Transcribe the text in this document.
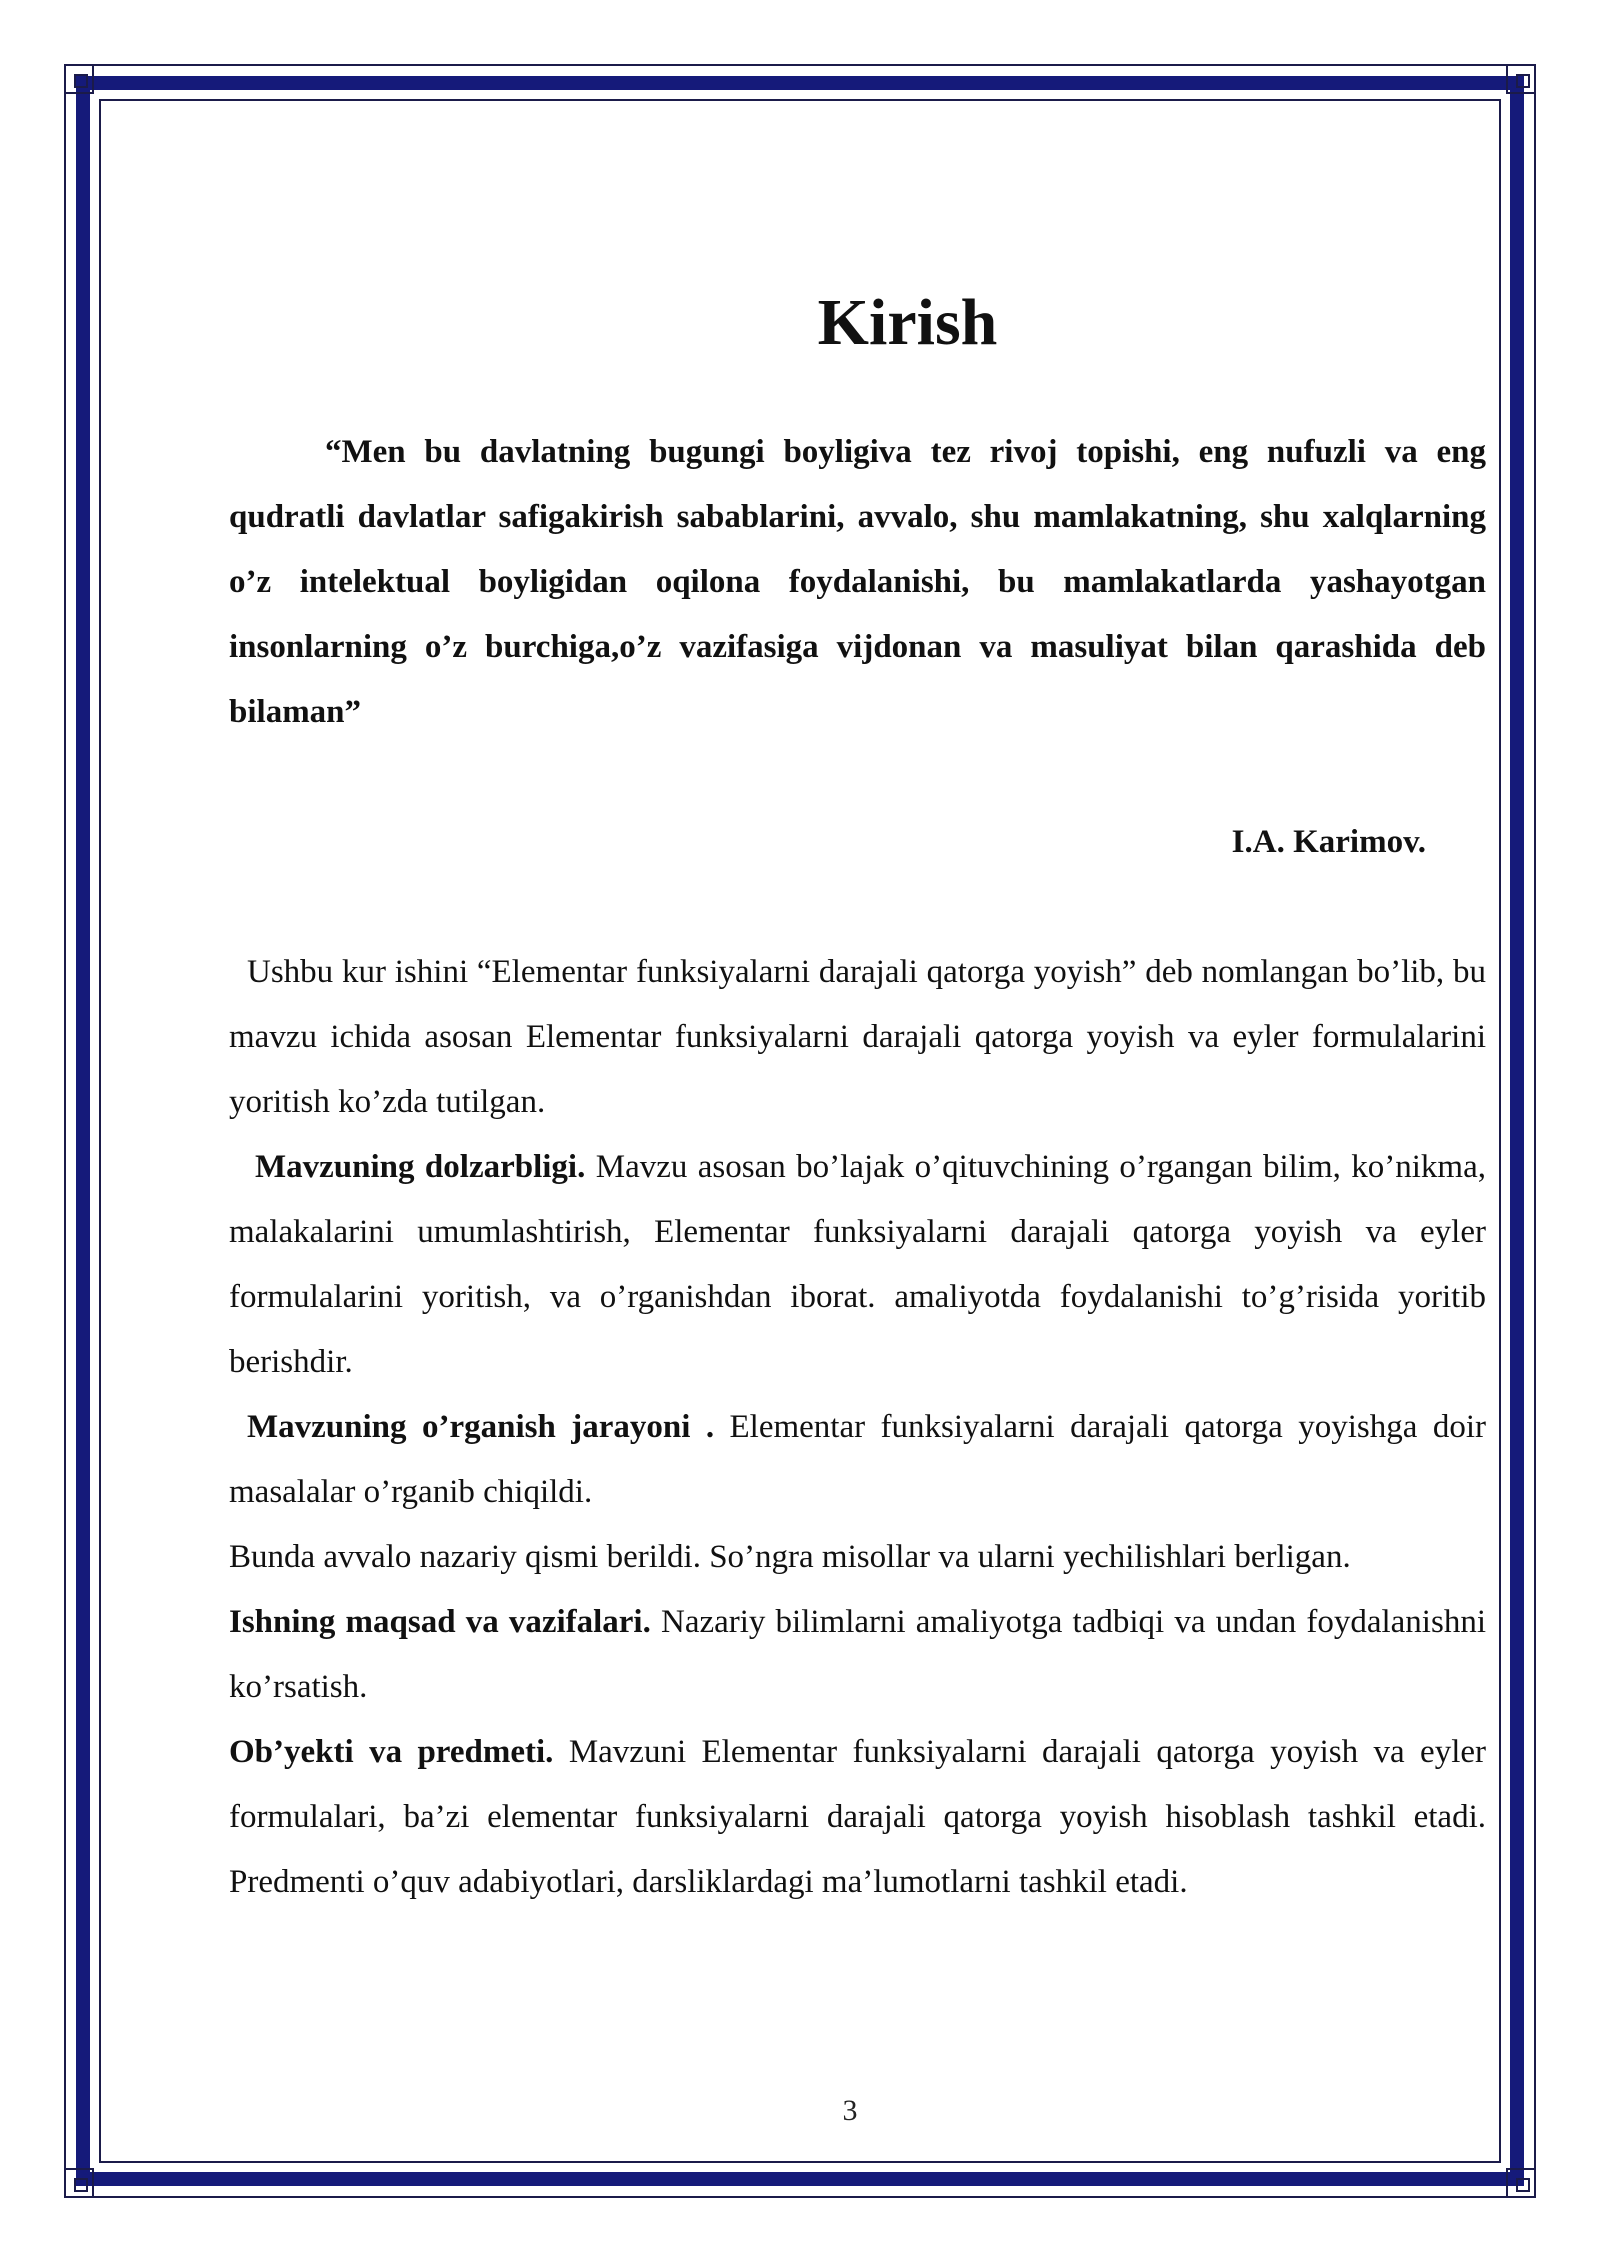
Kirish

“Men bu davlatning bugungi boyligiva tez rivoj topishi, eng nufuzli va eng qudratli davlatlar safigakirish sabablarini, avvalo, shu mamlakatning, shu xalqlarning o’z intelektual boyligidan oqilona foydalanishi, bu mamlakatlarda yashayotgan insonlarning o’z burchiga,o’z vazifasiga vijdonan va masuliyat bilan qarashida deb bilaman”

I.A. Karimov.

Ushbu kur ishini “Elementar funksiyalarni darajali qatorga yoyish” deb nomlangan bo’lib, bu mavzu ichida asosan Elementar funksiyalarni darajali qatorga yoyish va eyler formulalarini yoritish ko’zda tutilgan.

Mavzuning dolzarbligi. Mavzu asosan bo’lajak o’qituvchining o’rgangan bilim, ko’nikma, malakalarini umumlashtirish, Elementar funksiyalarni darajali qatorga yoyish va eyler formulalarini yoritish, va o’rganishdan iborat. amaliyotda foydalanishi to’g’risida yoritib berishdir.

Mavzuning o’rganish jarayoni . Elementar funksiyalarni darajali qatorga yoyishga doir masalalar o’rganib chiqildi.

Bunda avvalo nazariy qismi berildi. So’ngra misollar va ularni yechilishlari berligan.

Ishning maqsad va vazifalari. Nazariy bilimlarni amaliyotga tadbiqi va undan foydalanishni ko’rsatish.

Ob’yekti va predmeti. Mavzuni Elementar funksiyalarni darajali qatorga yoyish va eyler formulalari, ba’zi elementar funksiyalarni darajali qatorga yoyish hisoblash tashkil etadi. Predmenti o’quv adabiyotlari, darsliklardagi ma’lumotlarni tashkil etadi.

3
